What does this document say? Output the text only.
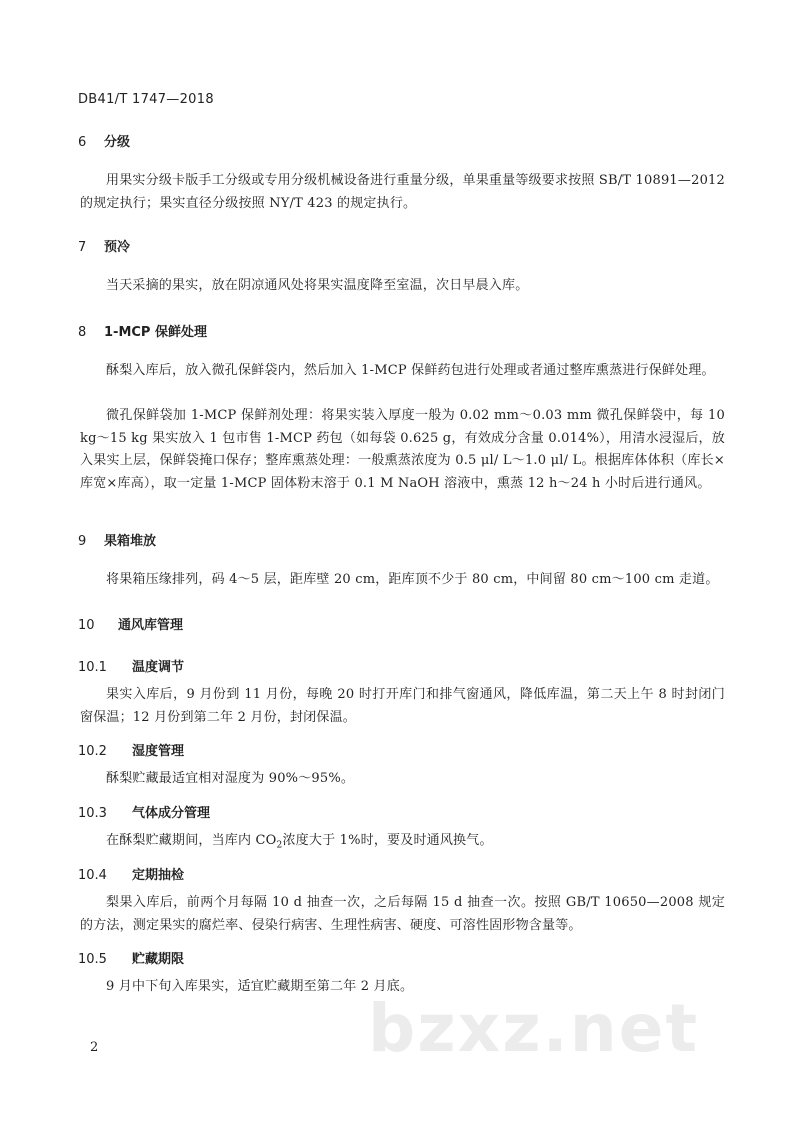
DB41/T 1747—2018
6 分级
用果实分级卡版手工分级或专用分级机械设备进行重量分级，单果重量等级要求按照 SB/T 10891—2012 的规定执行；果实直径分级按照 NY/T 423 的规定执行。
7 预冷
当天采摘的果实，放在阴凉通风处将果实温度降至室温，次日早晨入库。
8 1-MCP 保鲜处理
酥梨入库后，放入微孔保鲜袋内，然后加入 1-MCP 保鲜药包进行处理或者通过整库熏蒸进行保鲜处理。
微孔保鲜袋加 1-MCP 保鲜剂处理：将果实装入厚度一般为 0.02 mm～0.03 mm 微孔保鲜袋中，每 10 kg～15 kg 果实放入 1 包市售 1-MCP 药包（如每袋 0.625 g，有效成分含量 0.014%），用清水浸湿后，放入果实上层，保鲜袋掩口保存；整库熏蒸处理：一般熏蒸浓度为 0.5 μl/ L～1.0 μl/ L。根据库体体积（库长×库宽×库高），取一定量 1-MCP 固体粉末溶于 0.1 M NaOH 溶液中，熏蒸 12 h～24 h 小时后进行通风。
9 果箱堆放
将果箱压缘排列，码 4～5 层，距库壁 20 cm，距库顶不少于 80 cm，中间留 80 cm～100 cm 走道。
10 通风库管理
10.1 温度调节
果实入库后，9 月份到 11 月份，每晚 20 时打开库门和排气窗通风，降低库温，第二天上午 8 时封闭门窗保温；12 月份到第二年 2 月份，封闭保温。
10.2 湿度管理
酥梨贮藏最适宜相对湿度为 90%～95%。
10.3 气体成分管理
在酥梨贮藏期间，当库内 $CO_2$浓度大于 1%时，要及时通风换气。
10.4 定期抽检
梨果入库后，前两个月每隔 10 d 抽查一次，之后每隔 15 d 抽查一次。按照 GB/T 10650—2008 规定的方法，测定果实的腐烂率、侵染行病害、生理性病害、硬度、可溶性固形物含量等。
10.5 贮藏期限
9 月中下旬入库果实，适宜贮藏期至第二年 2 月底。
bzxz.net
2
